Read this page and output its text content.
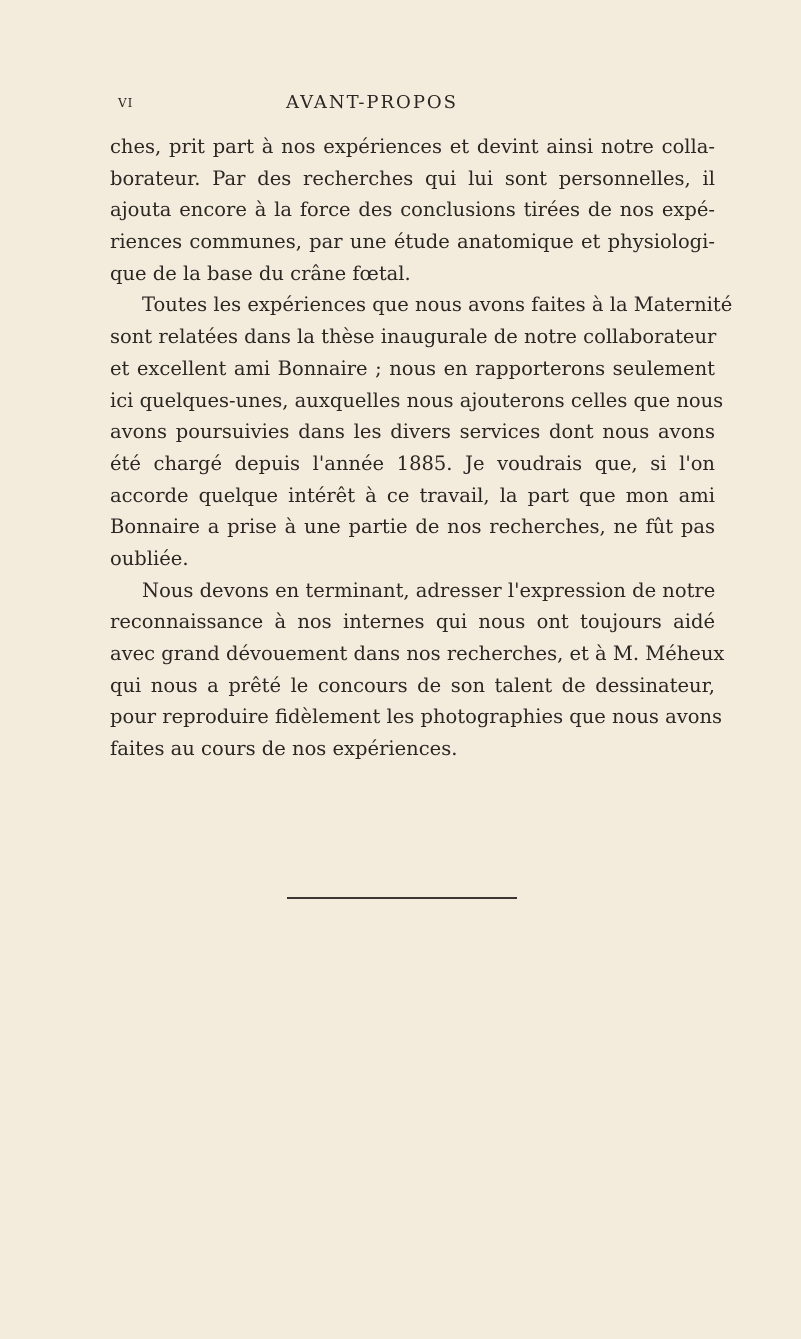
VI	AVANT-PROPOS
ches, prit part à nos expériences et devint ainsi notre colla-
borateur. Par des recherches qui lui sont personnelles, il
ajouta encore à la force des conclusions tirées de nos expé-
riences communes, par une étude anatomique et physiologi-
que de la base du crâne fœtal.
Toutes les expériences que nous avons faites à la Maternité
sont relatées dans la thèse inaugurale de notre collaborateur
et excellent ami Bonnaire ; nous en rapporterons seulement
ici quelques-unes, auxquelles nous ajouterons celles que nous
avons poursuivies dans les divers services dont nous avons
été chargé depuis l'année 1885. Je voudrais que, si l'on
accorde quelque intérêt à ce travail, la part que mon ami
Bonnaire a prise à une partie de nos recherches, ne fût pas
oubliée.
Nous devons en terminant, adresser l'expression de notre
reconnaissance à nos internes qui nous ont toujours aidé
avec grand dévouement dans nos recherches, et à M. Méheux
qui nous a prêté le concours de son talent de dessinateur,
pour reproduire fidèlement les photographies que nous avons
faites au cours de nos expériences.
